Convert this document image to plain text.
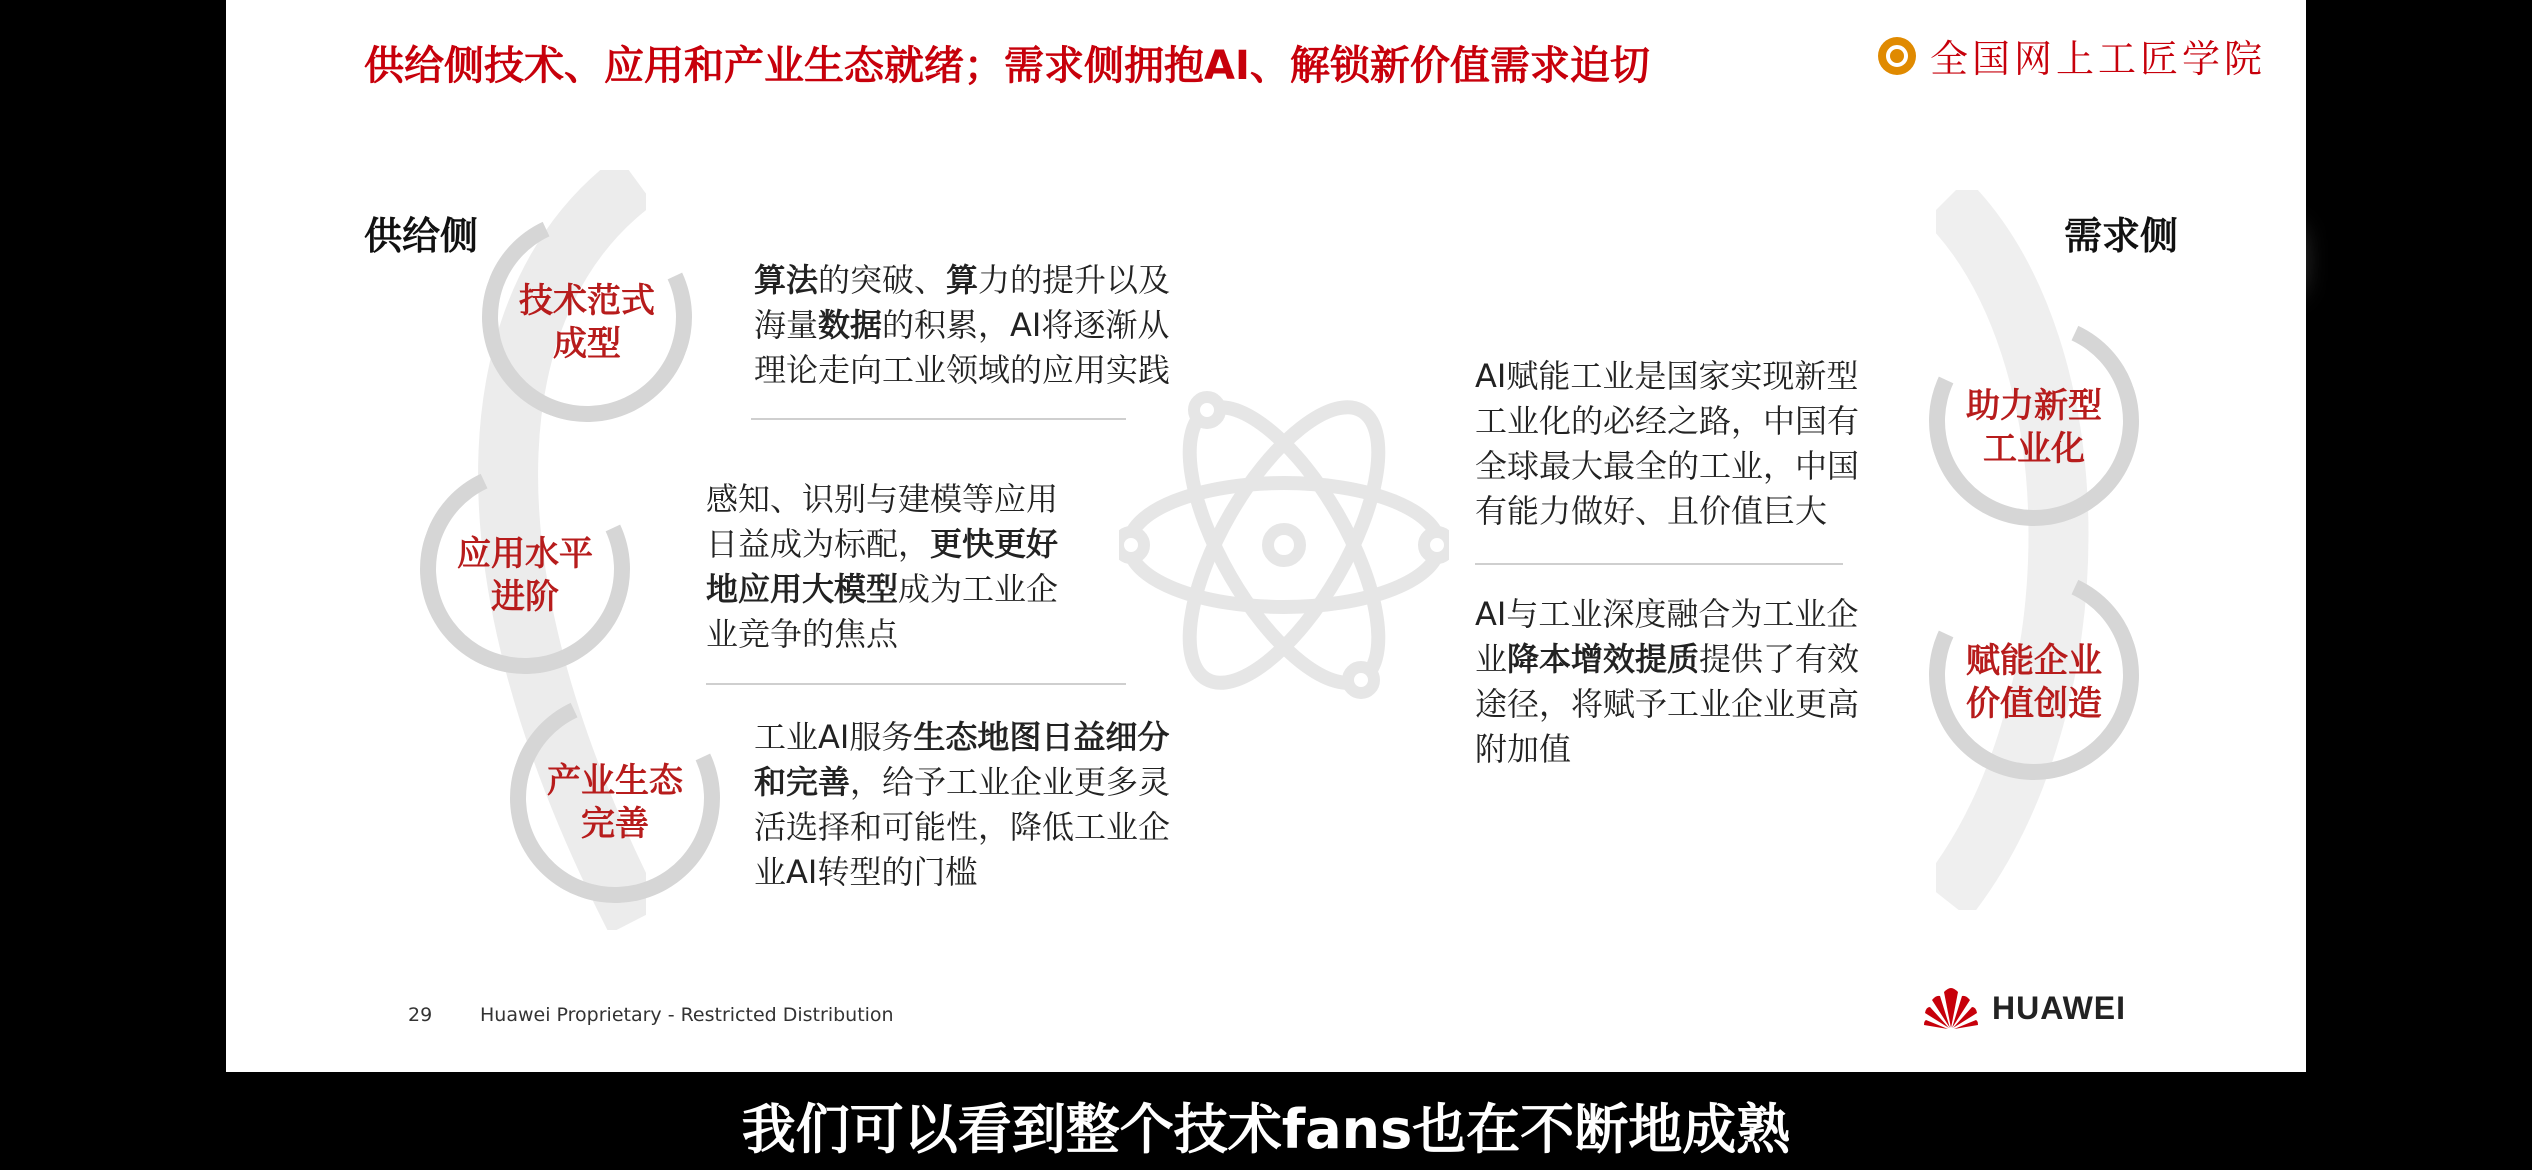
供给侧技术、应用和产业生态就绪；需求侧拥抱AI、解锁新价值需求迫切	全国网上工匠学院
供给侧	需求侧
技术范式
成型
算法的突破、算力的提升以及
海量数据的积累，AI将逐渐从
理论走向工业领域的应用实践
应用水平
进阶
感知、识别与建模等应用
日益成为标配，更快更好
地应用大模型成为工业企
业竞争的焦点
产业生态
完善
工业AI服务生态地图日益细分
和完善，给予工业企业更多灵
活选择和可能性，降低工业企
业AI转型的门槛
AI赋能工业是国家实现新型
工业化的必经之路，中国有
全球最大最全的工业，中国
有能力做好、且价值巨大
助力新型
工业化
AI与工业深度融合为工业企
业降本增效提质提供了有效
途径，将赋予工业企业更高
附加值
赋能企业
价值创造
29	Huawei Proprietary - Restricted Distribution	HUAWEI
我们可以看到整个技术fans也在不断地成熟
